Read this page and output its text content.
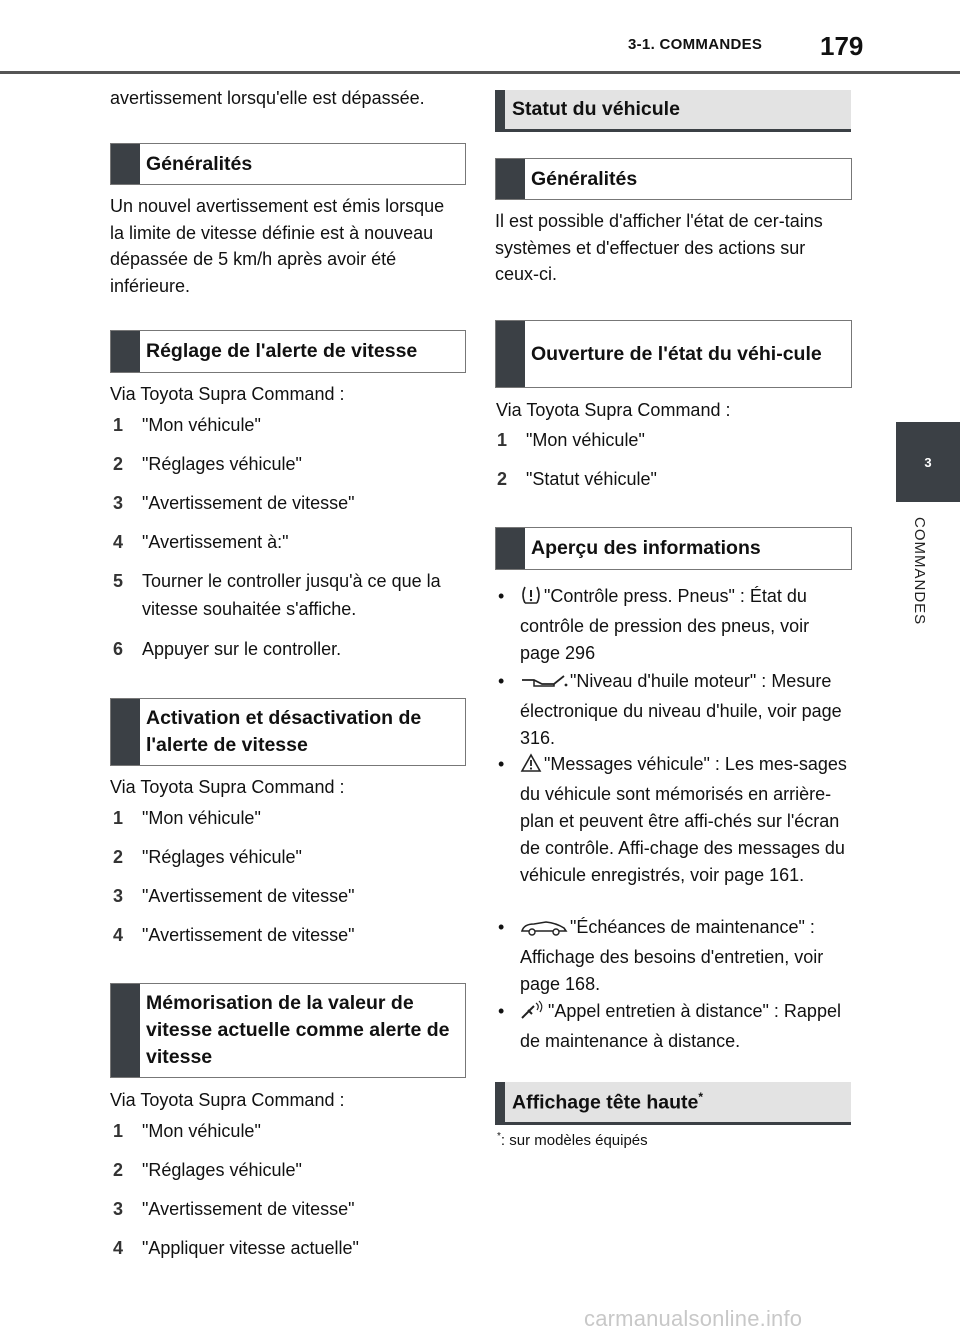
3-1. COMMANDES 179
3
COMMANDES

avertissement lorsqu'elle est dépassée.

Généralités

Un nouvel avertissement est émis lorsque la limite de vitesse définie est à nouveau dépassée de 5 km/h après avoir été inférieure.

Réglage de l'alerte de vitesse

Via Toyota Supra Command :

1	"Mon véhicule"
2	"Réglages véhicule"
3	"Avertissement de vitesse"
4	"Avertissement à:"
5	Tourner le controller jusqu'à ce que la vitesse souhaitée s'affiche.
6	Appuyer sur le controller.
Activation et désactivation de l'alerte de vitesse

Via Toyota Supra Command :

1	"Mon véhicule"
2	"Réglages véhicule"
3	"Avertissement de vitesse"
4	"Avertissement de vitesse"
Mémorisation de la valeur de vitesse actuelle comme alerte de vitesse

Via Toyota Supra Command :

1	"Mon véhicule"
2	"Réglages véhicule"
3	"Avertissement de vitesse"
4	"Appliquer vitesse actuelle"
Statut du véhicule
Généralités

Il est possible d'afficher l'état de cer-tains systèmes et d'effectuer des actions sur ceux-ci.

Ouverture de l'état du véhi-cule

Via Toyota Supra Command :

1	"Mon véhicule"
2	"Statut véhicule"
Aperçu des informations
•	"Contrôle press. Pneus" : État du contrôle de pression des pneus, voir page 296
•	"Niveau d'huile moteur" : Mesure électronique du niveau d'huile, voir page 316.
•	"Messages véhicule" : Les mes-sages du véhicule sont mémorisés en arrière-plan et peuvent être affi-chés sur l'écran de contrôle. Affi-chage des messages du véhicule enregistrés, voir page 161.
•	"Échéances de maintenance" : Affichage des besoins d'entretien, voir page 168.
•	"Appel entretien à distance" : Rappel de maintenance à distance.
Affichage tête haute*
*: sur modèles équipés
carmanualsonline.info
